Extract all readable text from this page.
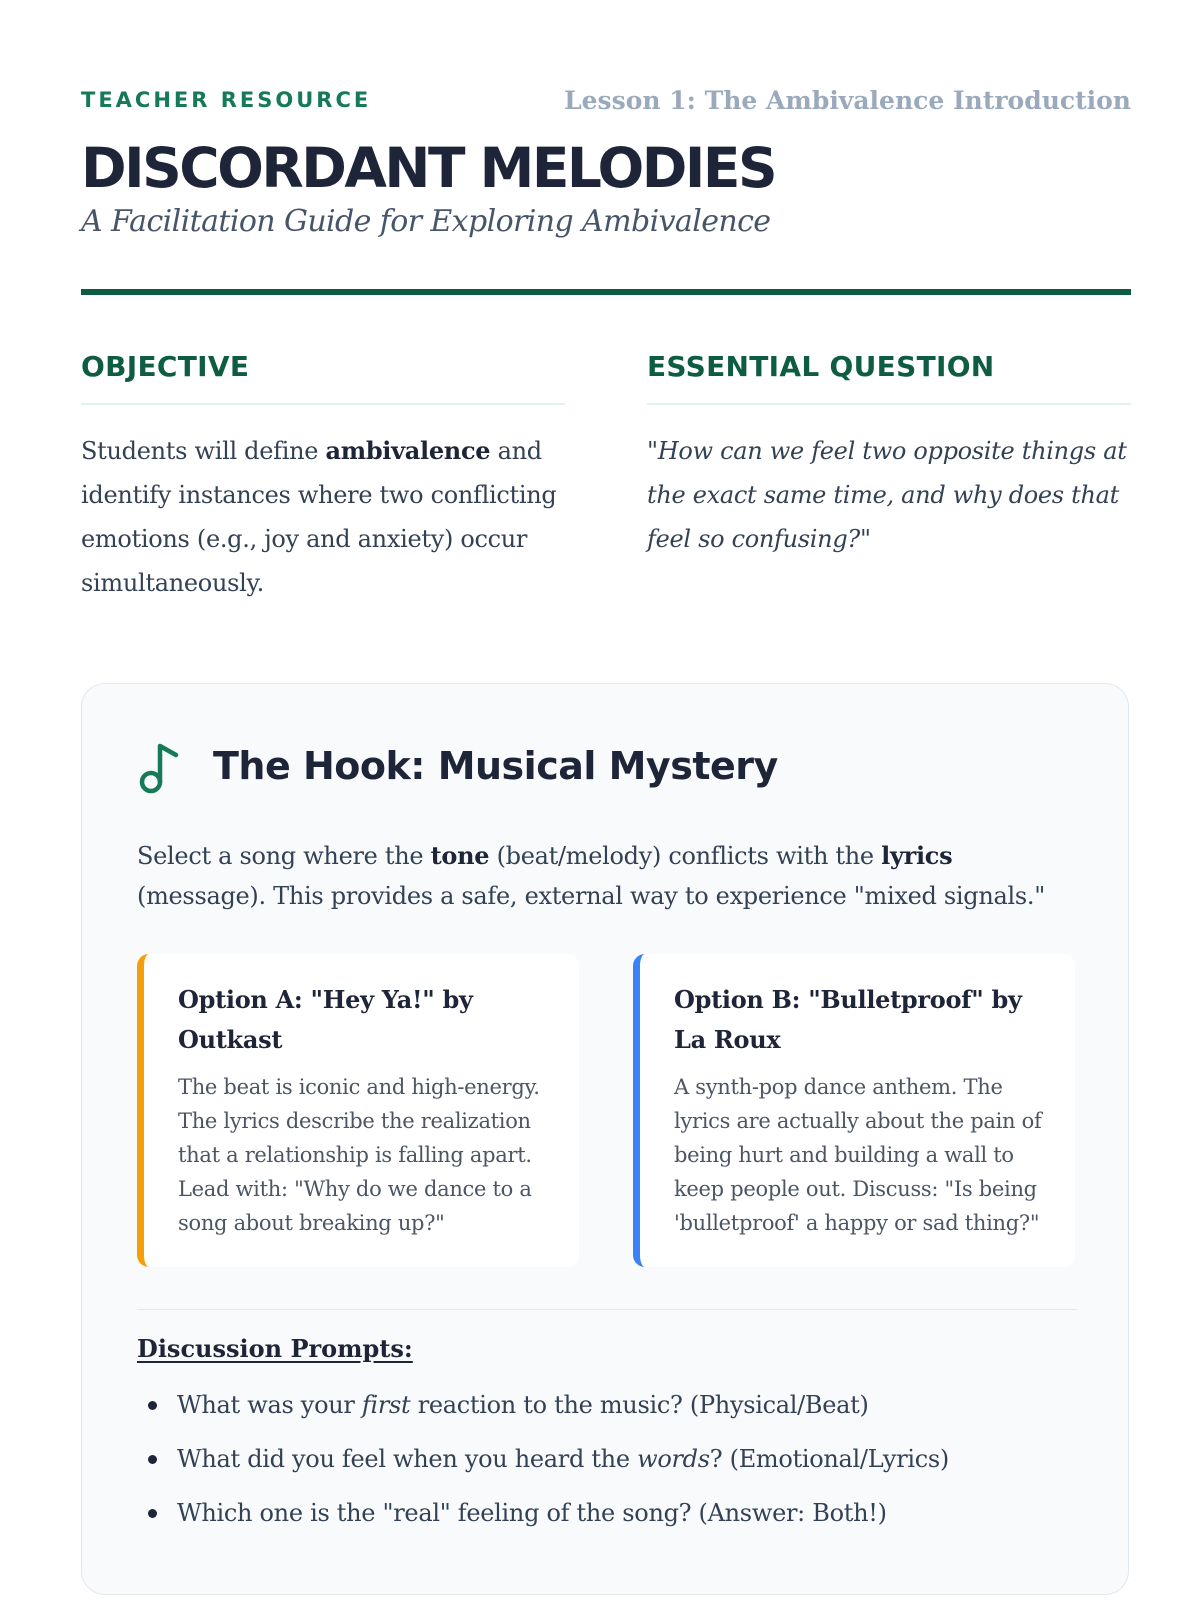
TEACHER RESOURCE	Lesson 1: The Ambivalence Introduction
DISCORDANT MELODIES
A Facilitation Guide for Exploring Ambivalence
OBJECTIVE

Students will define ambivalence and identify instances where two conflicting emotions (e.g., joy and anxiety) occur simultaneously.

ESSENTIAL QUESTION

"How can we feel two opposite things at the exact same time, and why does that feel so confusing?"

The Hook: Musical Mystery
Select a song where the tone (beat/melody) conflicts with the lyrics (message). This provides a safe, external way to experience "mixed signals."
Option A: "Hey Ya!" by Outkast

The beat is iconic and high-energy. The lyrics describe the realization that a relationship is falling apart. Lead with: "Why do we dance to a song about breaking up?"

Option B: "Bulletproof" by La Roux

A synth-pop dance anthem. The lyrics are actually about the pain of being hurt and building a wall to keep people out. Discuss: "Is being 'bulletproof' a happy or sad thing?"

Discussion Prompts:
What was your first reaction to the music? (Physical/Beat)
What did you feel when you heard the words? (Emotional/Lyrics)
Which one is the "real" feeling of the song? (Answer: Both!)
